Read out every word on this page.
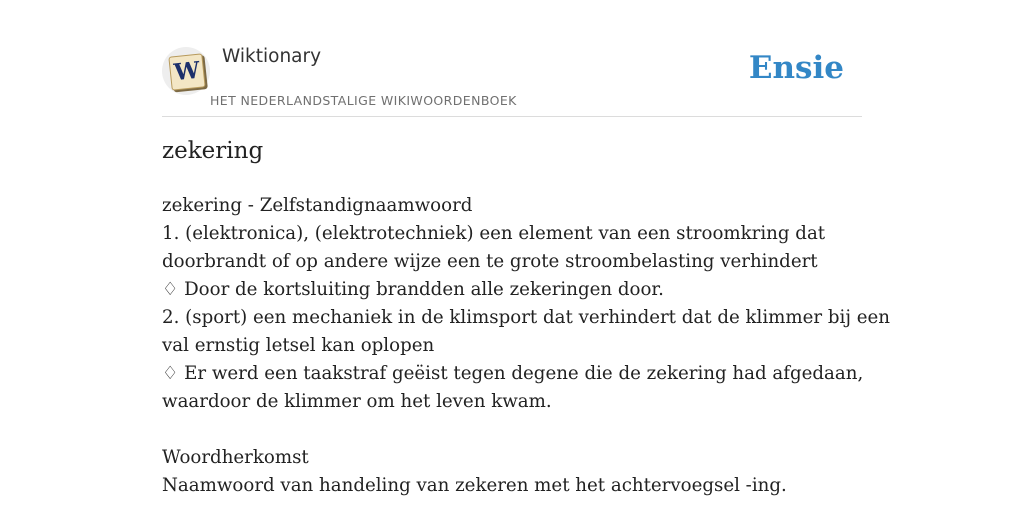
W
Wiktionary
HET NEDERLANDSTALIGE WIKIWOORDENBOEK
Ensie
zekering
zekering - Zelfstandignaamwoord
1. (elektronica), (elektrotechniek) een element van een stroomkring dat
doorbrandt of op andere wijze een te grote stroombelasting verhindert
♢ Door de kortsluiting brandden alle zekeringen door.
2. (sport) een mechaniek in de klimsport dat verhindert dat de klimmer bij een
val ernstig letsel kan oplopen
♢ Er werd een taakstraf geëist tegen degene die de zekering had afgedaan,
waardoor de klimmer om het leven kwam.
Woordherkomst
Naamwoord van handeling van zekeren met het achtervoegsel -ing.
